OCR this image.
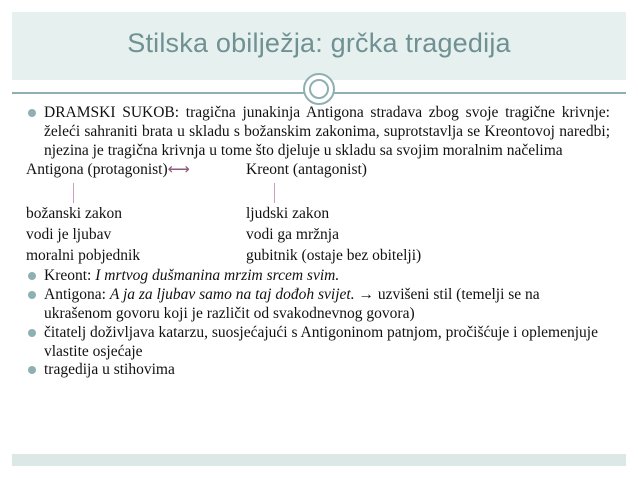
Stilska obilježja: grčka tragedija
DRAMSKI SUKOB: tragična junakinja Antigona stradava zbog svoje tragične krivnje: želeći sahraniti brata u skladu s božanskim zakonima, suprotstavlja se Kreontovoj naredbi; njezina je tragična krivnja u tome što djeluje u skladu sa svojim moralnim načelima
Antigona (protagonist)⟷	Kreont (antagonist)
božanski zakon	ljudski zakon
vodi je ljubav	vodi ga mržnja
moralni pobjednik	gubitnik (ostaje bez obitelji)
Kreont: I mrtvog dušmanina mrzim srcem svim.
Antigona: A ja za ljubav samo na taj dođoh svijet. → uzvišeni stil (temelji se na ukrašenom govoru koji je različit od svakodnevnog govora)
čitatelj doživljava katarzu, suosjećajući s Antigoninom patnjom, pročišćuje i oplemenjuje vlastite osjećaje
tragedija u stihovima
